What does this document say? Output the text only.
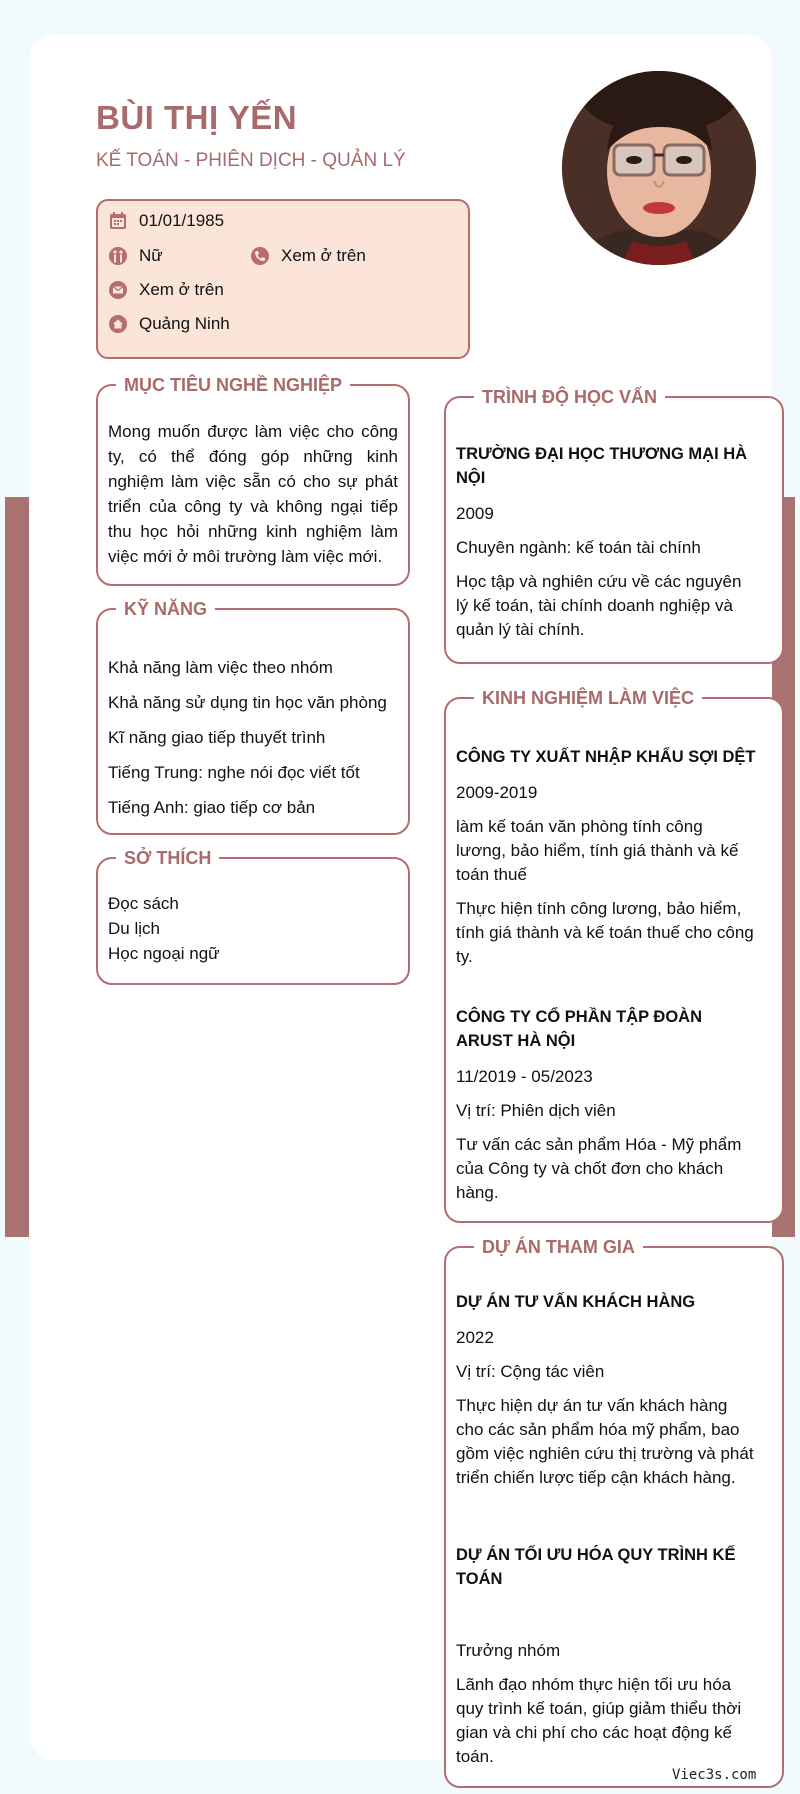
BÙI THỊ YẾN
KẾ TOÁN - PHIÊN DỊCH - QUẢN LÝ
01/01/1985
Nữ	Xem ở trên
Xem ở trên
Quảng Ninh
MỤC TIÊU NGHỀ NGHIỆP
Mong muốn được làm việc cho công ty, có thể đóng góp những kinh nghiệm làm việc sẵn có cho sự phát triển của công ty và không ngại tiếp thu học hỏi những kinh nghiệm làm việc mới ở môi trường làm việc mới.
KỸ NĂNG
Khả năng làm việc theo nhóm
Khả năng sử dụng tin học văn phòng
Kĩ năng giao tiếp thuyết trình
Tiếng Trung: nghe nói đọc viết tốt
Tiếng Anh: giao tiếp cơ bản
SỞ THÍCH
Đọc sách
Du lịch
Học ngoại ngữ
TRÌNH ĐỘ HỌC VẤN
TRƯỜNG ĐẠI HỌC THƯƠNG MẠI HÀ NỘI
2009
Chuyên ngành: kế toán tài chính
Học tập và nghiên cứu về các nguyên lý kế toán, tài chính doanh nghiệp và quản lý tài chính.
KINH NGHIỆM LÀM VIỆC
CÔNG TY XUẤT NHẬP KHẨU SỢI DỆT
2009-2019
làm kế toán văn phòng tính công lương, bảo hiểm, tính giá thành và kế toán thuế
Thực hiện tính công lương, bảo hiểm, tính giá thành và kế toán thuế cho công ty.
CÔNG TY CỔ PHẦN TẬP ĐOÀN ARUST HÀ NỘI
11/2019 - 05/2023
Vị trí: Phiên dịch viên
Tư vấn các sản phẩm Hóa - Mỹ phẩm của Công ty và chốt đơn cho khách hàng.
DỰ ÁN THAM GIA
DỰ ÁN TƯ VẤN KHÁCH HÀNG
2022
Vị trí: Cộng tác viên
Thực hiện dự án tư vấn khách hàng cho các sản phẩm hóa mỹ phẩm, bao gồm việc nghiên cứu thị trường và phát triển chiến lược tiếp cận khách hàng.
DỰ ÁN TỐI ƯU HÓA QUY TRÌNH KẾ TOÁN
Trưởng nhóm
Lãnh đạo nhóm thực hiện tối ưu hóa quy trình kế toán, giúp giảm thiểu thời gian và chi phí cho các hoạt động kế toán.
Viec3s.com
